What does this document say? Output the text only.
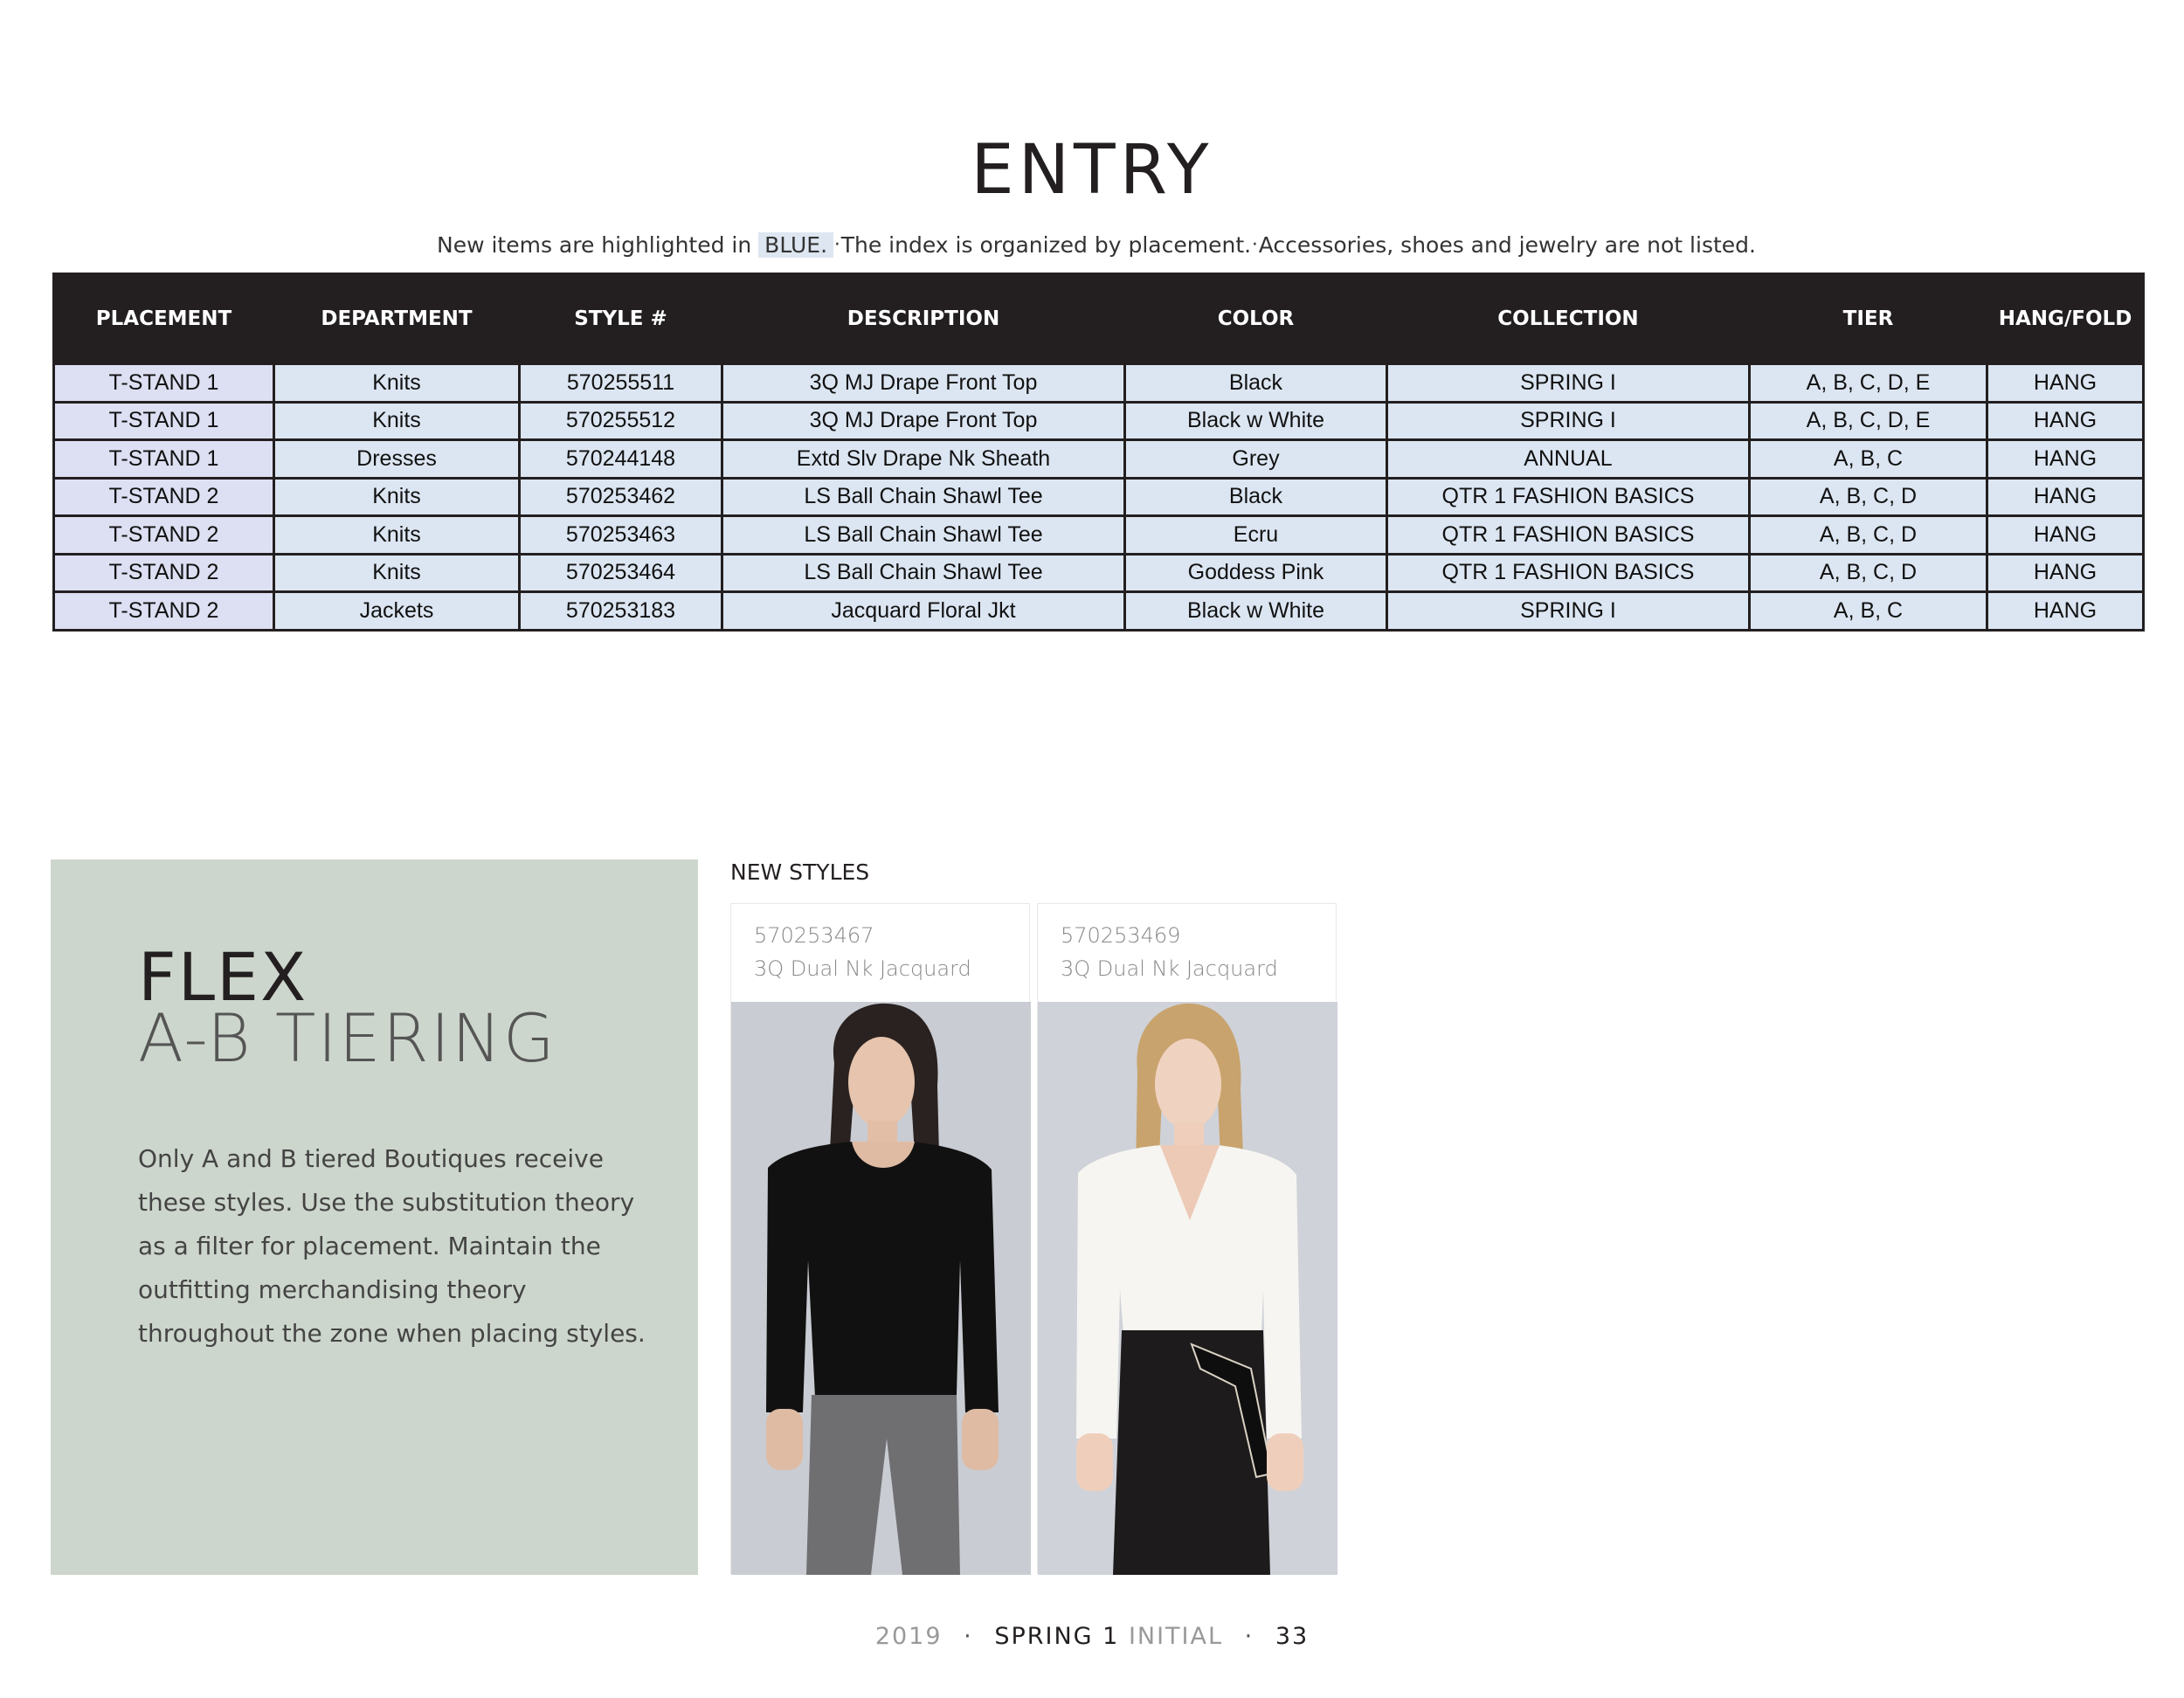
ENTRY
New items are highlighted in BLUE. · The index is organized by placement. · Accessories, shoes and jewelry are not listed.
PLACEMENT	DEPARTMENT	STYLE #	DESCRIPTION	COLOR	COLLECTION	TIER	HANG/FOLD
T-STAND 1	Knits	570255511	3Q MJ Drape Front Top	Black	SPRING I	A, B, C, D, E	HANG
T-STAND 1	Knits	570255512	3Q MJ Drape Front Top	Black w White	SPRING I	A, B, C, D, E	HANG
T-STAND 1	Dresses	570244148	Extd Slv Drape Nk Sheath	Grey	ANNUAL	A, B, C	HANG
T-STAND 2	Knits	570253462	LS Ball Chain Shawl Tee	Black	QTR 1 FASHION BASICS	A, B, C, D	HANG
T-STAND 2	Knits	570253463	LS Ball Chain Shawl Tee	Ecru	QTR 1 FASHION BASICS	A, B, C, D	HANG
T-STAND 2	Knits	570253464	LS Ball Chain Shawl Tee	Goddess Pink	QTR 1 FASHION BASICS	A, B, C, D	HANG
T-STAND 2	Jackets	570253183	Jacquard Floral Jkt	Black w White	SPRING I	A, B, C	HANG
FLEX
A-B TIERING
Only A and B tiered Boutiques receive these styles. Use the substitution theory as a filter for placement. Maintain the outfitting merchandising theory throughout the zone when placing styles.
NEW STYLES
570253467
3Q Dual Nk Jacquard
570253469
3Q Dual Nk Jacquard
2019 · SPRING 1 INITIAL · 33
